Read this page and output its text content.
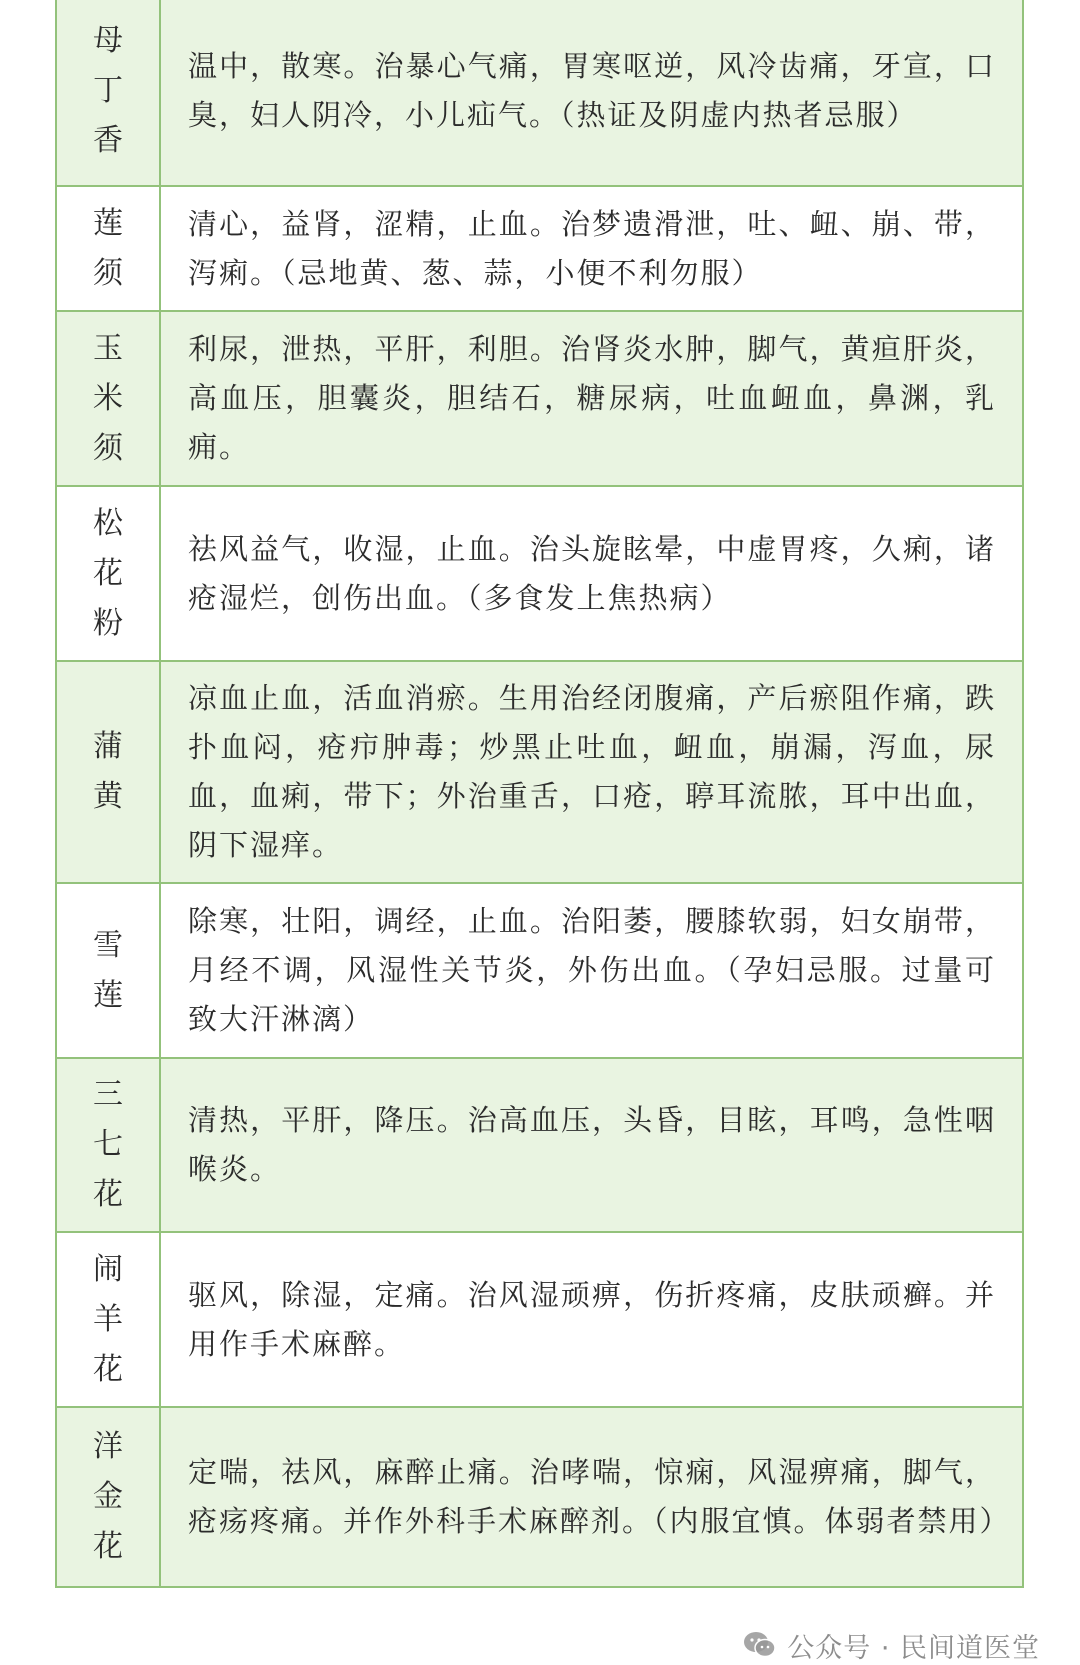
母丁香	温中，散寒。治暴心气痛，胃寒呕逆，风冷齿痛，牙宣，口臭，妇人阴冷，小儿疝气。（热证及阴虚内热者忌服）

莲须	清心，益肾，涩精，止血。治梦遗滑泄，吐、衄、崩、带，泻痢。（忌地黄、葱、蒜，小便不利勿服）

玉米须	利尿，泄热，平肝，利胆。治肾炎水肿，脚气，黄疸肝炎，高血压，胆囊炎，胆结石，糖尿病，吐血衄血，鼻渊，乳痈。

松花粉	祛风益气，收湿，止血。治头旋眩晕，中虚胃疼，久痢，诸疮湿烂，创伤出血。（多食发上焦热病）

蒲黄	凉血止血，活血消瘀。生用治经闭腹痛，产后瘀阻作痛，跌扑血闷，疮疖肿毒；炒黑止吐血，衄血，崩漏，泻血，尿血，血痢，带下；外治重舌，口疮，聤耳流脓，耳中出血，阴下湿痒。

雪莲	除寒，壮阳，调经，止血。治阳萎，腰膝软弱，妇女崩带，月经不调，风湿性关节炎，外伤出血。（孕妇忌服。过量可致大汗淋漓）

三七花	清热，平肝，降压。治高血压，头昏，目眩，耳鸣，急性咽喉炎。

闹羊花	驱风，除湿，定痛。治风湿顽痹，伤折疼痛，皮肤顽癣。并用作手术麻醉。

洋金花	定喘，祛风，麻醉止痛。治哮喘，惊痫，风湿痹痛，脚气，疮疡疼痛。并作外科手术麻醉剂。（内服宜慎。体弱者禁用）
公众号 · 民间道医堂
